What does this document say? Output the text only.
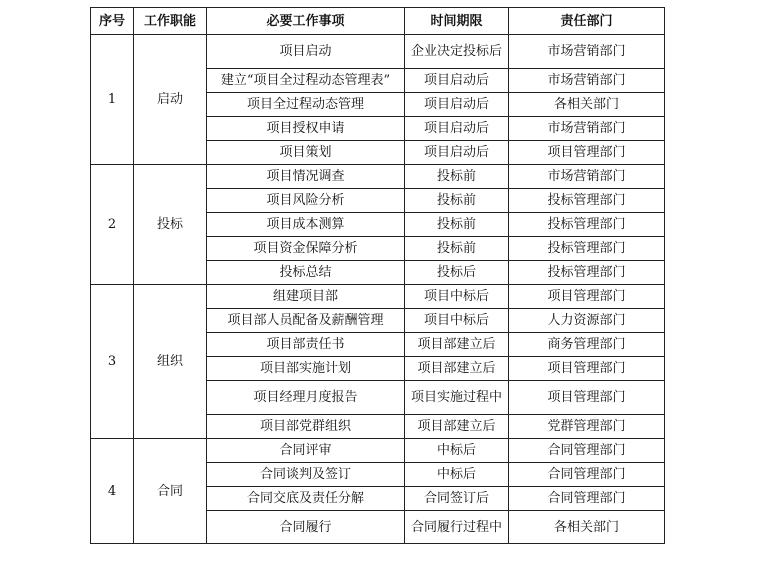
序号	工作职能	必要工作事项	时间期限	责任部门
1	启动	项目启动	企业决定投标后	市场营销部门
		建立“项目全过程动态管理表”	项目启动后	市场营销部门
		项目全过程动态管理	项目启动后	各相关部门
		项目授权申请	项目启动后	市场营销部门
		项目策划	项目启动后	项目管理部门
2	投标	项目情况调查	投标前	市场营销部门
		项目风险分析	投标前	投标管理部门
		项目成本测算	投标前	投标管理部门
		项目资金保障分析	投标前	投标管理部门
		投标总结	投标后	投标管理部门
3	组织	组建项目部	项目中标后	项目管理部门
		项目部人员配备及薪酬管理	项目中标后	人力资源部门
		项目部责任书	项目部建立后	商务管理部门
		项目部实施计划	项目部建立后	项目管理部门
		项目经理月度报告	项目实施过程中	项目管理部门
		项目部党群组织	项目部建立后	党群管理部门
4	合同	合同评审	中标后	合同管理部门
		合同谈判及签订	中标后	合同管理部门
		合同交底及责任分解	合同签订后	合同管理部门
		合同履行	合同履行过程中	各相关部门
